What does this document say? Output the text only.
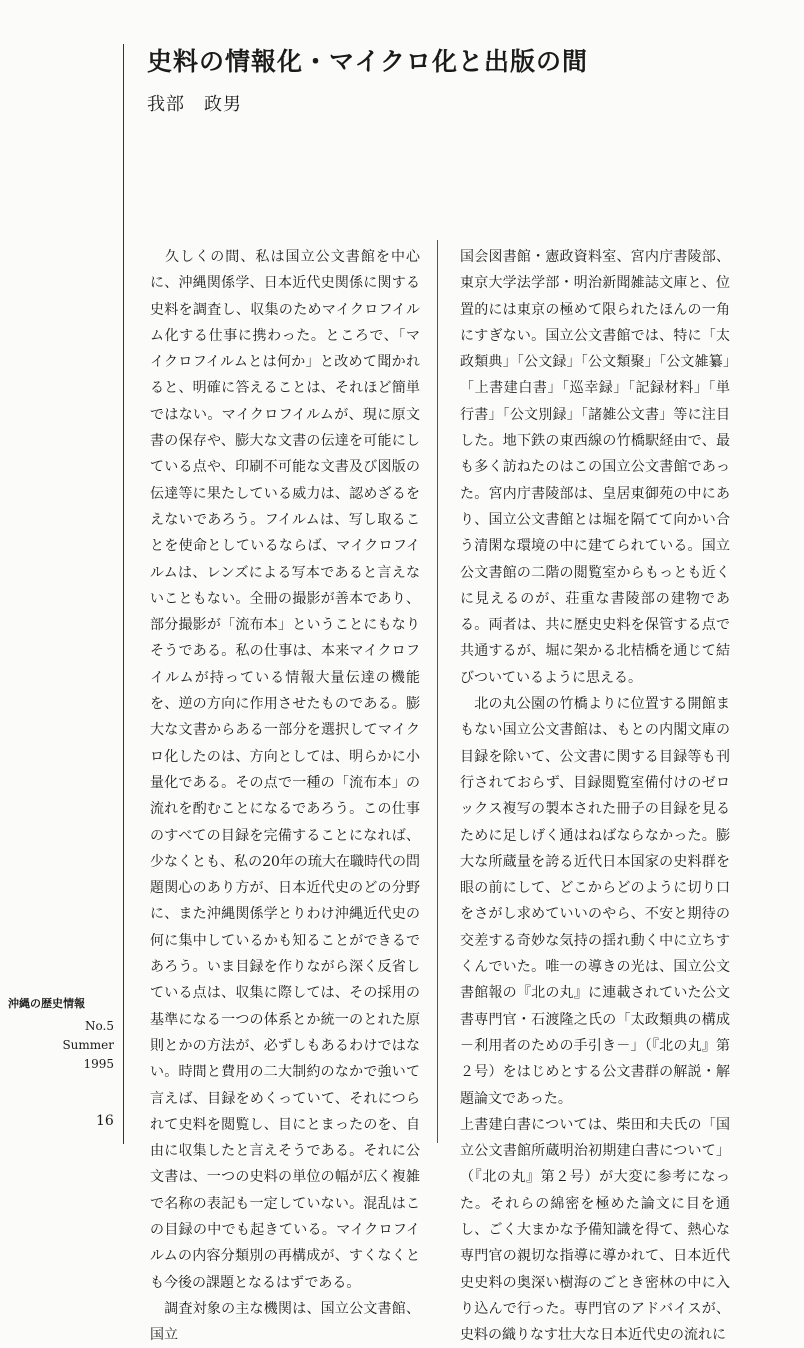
史料の情報化・マイクロ化と出版の間

我部　政男

　久しくの間、私は国立公文書館を中心に、沖縄関係学、日本近代史関係に関する史料を調査し、収集のためマイクロフイルム化する仕事に携わった。ところで、「マイクロフイルムとは何か」と改めて聞かれると、明確に答えることは、それほど簡単ではない。マイクロフイルムが、現に原文書の保存や、膨大な文書の伝達を可能にしている点や、印刷不可能な文書及び図版の伝達等に果たしている威力は、認めざるをえないであろう。フイルムは、写し取ることを使命としているならば、マイクロフイルムは、レンズによる写本であると言えないこともない。全冊の撮影が善本であり、部分撮影が「流布本」ということにもなりそうである。私の仕事は、本来マイクロフイルムが持っている情報大量伝達の機能を、逆の方向に作用させたものである。膨大な文書からある一部分を選択してマイクロ化したのは、方向としては、明らかに小量化である。その点で一種の「流布本」の流れを酌むことになるであろう。この仕事のすべての目録を完備することになれば、少なくとも、私の20年の琉大在職時代の問題関心のあり方が、日本近代史のどの分野に、また沖縄関係学とりわけ沖縄近代史の何に集中しているかも知ることができるであろう。いま目録を作りながら深く反省している点は、収集に際しては、その採用の基準になる一つの体系とか統一のとれた原則とかの方法が、必ずしもあるわけではない。時間と費用の二大制約のなかで強いて言えば、目録をめくっていて、それにつられて史料を閲覧し、目にとまったのを、自由に収集したと言えそうである。それに公文書は、一つの史料の単位の幅が広く複雑で名称の表記も一定していない。混乱はこの目録の中でも起きている。マイクロフイルムの内容分類別の再構成が、すくなくとも今後の課題となるはずである。

　調査対象の主な機関は、国立公文書館、国立

国会図書館・憲政資料室、宮内庁書陵部、東京大学法学部・明治新聞雑誌文庫と、位置的には東京の極めて限られたほんの一角にすぎない。国立公文書館では、特に「太政類典」「公文録」「公文類聚」「公文雑纂」「上書建白書」「巡幸録」「記録材料」「単行書」「公文別録」「諸雑公文書」等に注目した。地下鉄の東西線の竹橋駅経由で、最も多く訪ねたのはこの国立公文書館であった。宮内庁書陵部は、皇居東御苑の中にあり、国立公文書館とは堀を隔てて向かい合う清閑な環境の中に建てられている。国立公文書館の二階の閲覧室からもっとも近くに見えるのが、荘重な書陵部の建物である。両者は、共に歴史史料を保管する点で共通するが、堀に架かる北桔橋を通じて結びついているように思える。

　北の丸公園の竹橋よりに位置する開館まもない国立公文書館は、もとの内閣文庫の目録を除いて、公文書に関する目録等も刊行されておらず、目録閲覧室備付けのゼロックス複写の製本された冊子の目録を見るために足しげく通はねばならなかった。膨大な所蔵量を誇る近代日本国家の史料群を眼の前にして、どこからどのように切り口をさがし求めていいのやら、不安と期待の交差する奇妙な気持の揺れ動く中に立ちすくんでいた。唯一の導きの光は、国立公文書館報の『北の丸』に連載されていた公文書専門官・石渡隆之氏の「太政類典の構成－利用者のための手引き－」（『北の丸』第２号）をはじめとする公文書群の解説・解題論文であった。

上書建白書については、柴田和夫氏の「国立公文書館所蔵明治初期建白書について」（『北の丸』第２号）が大変に参考になった。それらの綿密を極めた論文に目を通し、ごく大まかな予備知識を得て、熱心な専門官の親切な指導に導かれて、日本近代史史料の奥深い樹海のごとき密林の中に入り込んで行った。専門官のアドバイスが、史料の織りなす壮大な日本近代史の流れに

沖縄の歴史情報
No.5
Summer
1995
16
